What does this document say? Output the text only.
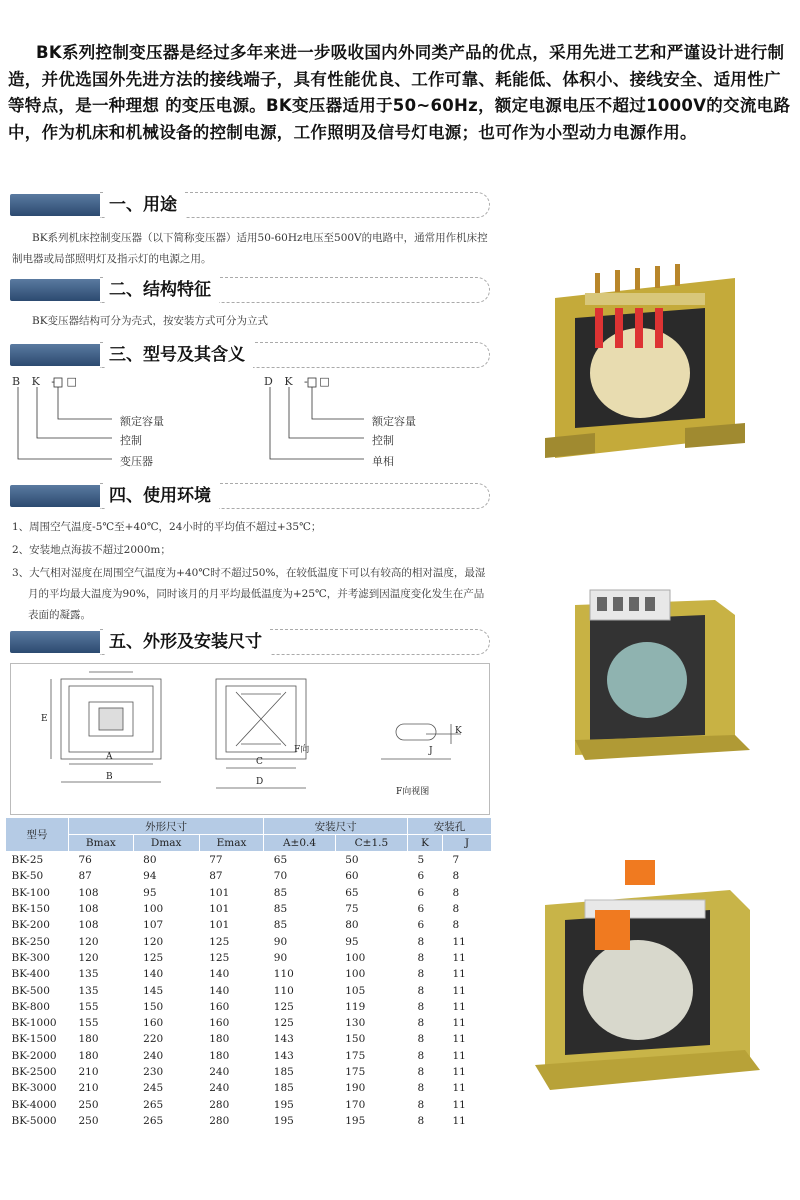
BK系列控制变压器是经过多年来进一步吸收国内外同类产品的优点，采用先进工艺和严谨设计进行制造，并优选国外先进方法的接线端子，具有性能优良、工作可靠、耗能低、体积小、接线安全、适用性广等特点，是一种理想 的变压电源。BK变压器适用于50~60Hz，额定电源电压不超过1000V的交流电路中，作为机床和机械设备的控制电源，工作照明及信号灯电源；也可作为小型动力电源作用。

一、用途

BK系列机床控制变压器（以下简称变压器）适用50-60Hz电压至500V的电路中，通常用作机床控制电器或局部照明灯及指示灯的电源之用。

二、结构特征

BK变压器结构可分为壳式，按安装方式可分为立式

三、型号及其含义
B K - □
额定容量
控制
变压器
D K - □
额定容量
控制
单相
四、使用环境

1、周围空气温度-5℃至+40℃，24小时的平均值不超过+35℃；

2、安装地点海拔不超过2000m；

3、大气相对湿度在周围空气温度为+40℃时不超过50%，在较低温度下可以有较高的相对温度，最湿月的平均最大温度为90%，同时该月的月平均最低温度为+25℃，并考滤到因温度变化发生在产品表面的凝露。

五、外形及安装尺寸
A
B
C
D
E
F向	J
K
F向视图
型号	外形尺寸			安装尺寸		安装孔	
	Bmax	Dmax	Emax	A±0.4	C±1.5	K	J
BK-25	76	80	77	65	50	5	7
BK-50	87	94	87	70	60	6	8
BK-100	108	95	101	85	65	6	8
BK-150	108	100	101	85	75	6	8
BK-200	108	107	101	85	80	6	8
BK-250	120	120	125	90	95	8	11
BK-300	120	125	125	90	100	8	11
BK-400	135	140	140	110	100	8	11
BK-500	135	145	140	110	105	8	11
BK-800	155	150	160	125	119	8	11
BK-1000	155	160	160	125	130	8	11
BK-1500	180	220	180	143	150	8	11
BK-2000	180	240	180	143	175	8	11
BK-2500	210	230	240	185	175	8	11
BK-3000	210	245	240	185	190	8	11
BK-4000	250	265	280	195	170	8	11
BK-5000	250	265	280	195	195	8	11
